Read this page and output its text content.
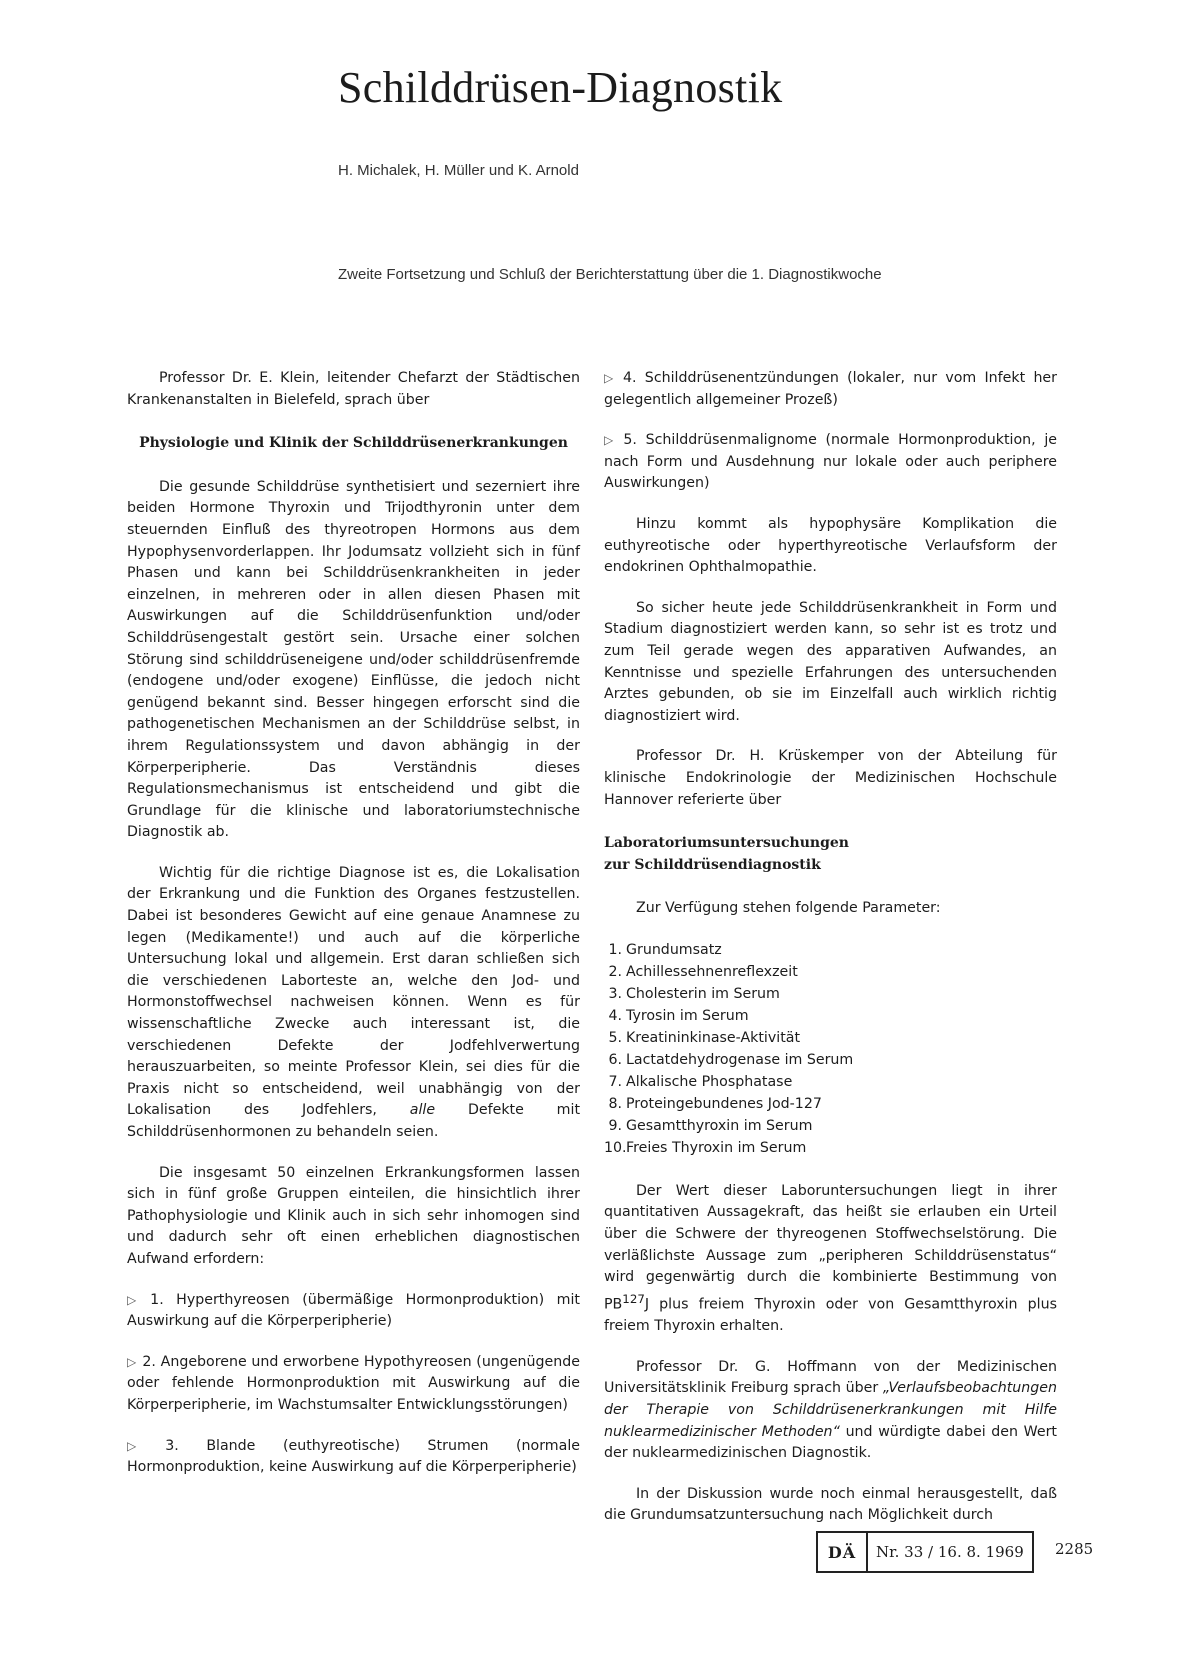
Schilddrüsen-Diagnostik
H. Michalek, H. Müller und K. Arnold
Zweite Fortsetzung und Schluß der Berichterstattung über die 1. Diagnostikwoche

Professor Dr. E. Klein, leitender Chefarzt der Städtischen Krankenanstalten in Bielefeld, sprach über

Physiologie und Klinik der Schilddrüsenerkrankungen

Die gesunde Schilddrüse synthetisiert und sezerniert ihre beiden Hormone Thyroxin und Trijodthyronin unter dem steuernden Einfluß des thyreotropen Hormons aus dem Hypophysenvorderlappen. Ihr Jodumsatz vollzieht sich in fünf Phasen und kann bei Schilddrüsenkrankheiten in jeder einzelnen, in mehreren oder in allen diesen Phasen mit Auswirkungen auf die Schilddrüsenfunktion und/oder Schilddrüsengestalt gestört sein. Ursache einer solchen Störung sind schilddrüseneigene und/oder schilddrüsenfremde (endogene und/oder exogene) Einflüsse, die jedoch nicht genügend bekannt sind. Besser hingegen erforscht sind die pathogenetischen Mechanismen an der Schilddrüse selbst, in ihrem Regulationssystem und davon abhängig in der Körperperipherie. Das Verständnis dieses Regulationsmechanismus ist entscheidend und gibt die Grundlage für die klinische und laboratoriumstechnische Diagnostik ab.

Wichtig für die richtige Diagnose ist es, die Lokalisation der Erkrankung und die Funktion des Organes festzustellen. Dabei ist besonderes Gewicht auf eine genaue Anamnese zu legen (Medikamente!) und auch auf die körperliche Untersuchung lokal und allgemein. Erst daran schließen sich die verschiedenen Laborteste an, welche den Jod- und Hormonstoffwechsel nachweisen können. Wenn es für wissenschaftliche Zwecke auch interessant ist, die verschiedenen Defekte der Jodfehlverwertung herauszuarbeiten, so meinte Professor Klein, sei dies für die Praxis nicht so entscheidend, weil unabhängig von der Lokalisation des Jodfehlers, alle Defekte mit Schilddrüsenhormonen zu behandeln seien.

Die insgesamt 50 einzelnen Erkrankungsformen lassen sich in fünf große Gruppen einteilen, die hinsichtlich ihrer Pathophysiologie und Klinik auch in sich sehr inhomogen sind und dadurch sehr oft einen erheblichen diagnostischen Aufwand erfordern:

▷ 1. Hyperthyreosen (übermäßige Hormonproduktion) mit Auswirkung auf die Körperperipherie)

▷ 2. Angeborene und erworbene Hypothyreosen (ungenügende oder fehlende Hormonproduktion mit Auswirkung auf die Körperperipherie, im Wachstumsalter Entwicklungsstörungen)

▷ 3. Blande (euthyreotische) Strumen (normale Hormonproduktion, keine Auswirkung auf die Körperperipherie)

▷ 4. Schilddrüsenentzündungen (lokaler, nur vom Infekt her gelegentlich allgemeiner Prozeß)

▷ 5. Schilddrüsenmalignome (normale Hormonproduktion, je nach Form und Ausdehnung nur lokale oder auch periphere Auswirkungen)

Hinzu kommt als hypophysäre Komplikation die euthyreotische oder hyperthyreotische Verlaufsform der endokrinen Ophthalmopathie.

So sicher heute jede Schilddrüsenkrankheit in Form und Stadium diagnostiziert werden kann, so sehr ist es trotz und zum Teil gerade wegen des apparativen Aufwandes, an Kenntnisse und spezielle Erfahrungen des untersuchenden Arztes gebunden, ob sie im Einzelfall auch wirklich richtig diagnostiziert wird.

Professor Dr. H. Krüskemper von der Abteilung für klinische Endokrinologie der Medizinischen Hochschule Hannover referierte über

Laboratoriumsuntersuchungen
zur Schilddrüsendiagnostik

Zur Verfügung stehen folgende Parameter:

1. Grundumsatz
2. Achillessehnenreflexzeit
3. Cholesterin im Serum
4. Tyrosin im Serum
5. Kreatininkinase-Aktivität
6. Lactatdehydrogenase im Serum
7. Alkalische Phosphatase
8. Proteingebundenes Jod-127
9. Gesamtthyroxin im Serum
10. Freies Thyroxin im Serum

Der Wert dieser Laboruntersuchungen liegt in ihrer quantitativen Aussagekraft, das heißt sie erlauben ein Urteil über die Schwere der thyreogenen Stoffwechselstörung. Die verläßlichste Aussage zum „peripheren Schilddrüsenstatus“ wird gegenwärtig durch die kombinierte Bestimmung von PB$^{127}$J plus freiem Thyroxin oder von Gesamtthyroxin plus freiem Thyroxin erhalten.

Professor Dr. G. Hoffmann von der Medizinischen Universitätsklinik Freiburg sprach über „Verlaufsbeobachtungen der Therapie von Schilddrüsenerkrankungen mit Hilfe nuklearmedizinischer Methoden“ und würdigte dabei den Wert der nuklearmedizinischen Diagnostik.

In der Diskussion wurde noch einmal herausgestellt, daß die Grundumsatzuntersuchung nach Möglichkeit durch

DÄ	Nr. 33 / 16. 8. 1969	2285
